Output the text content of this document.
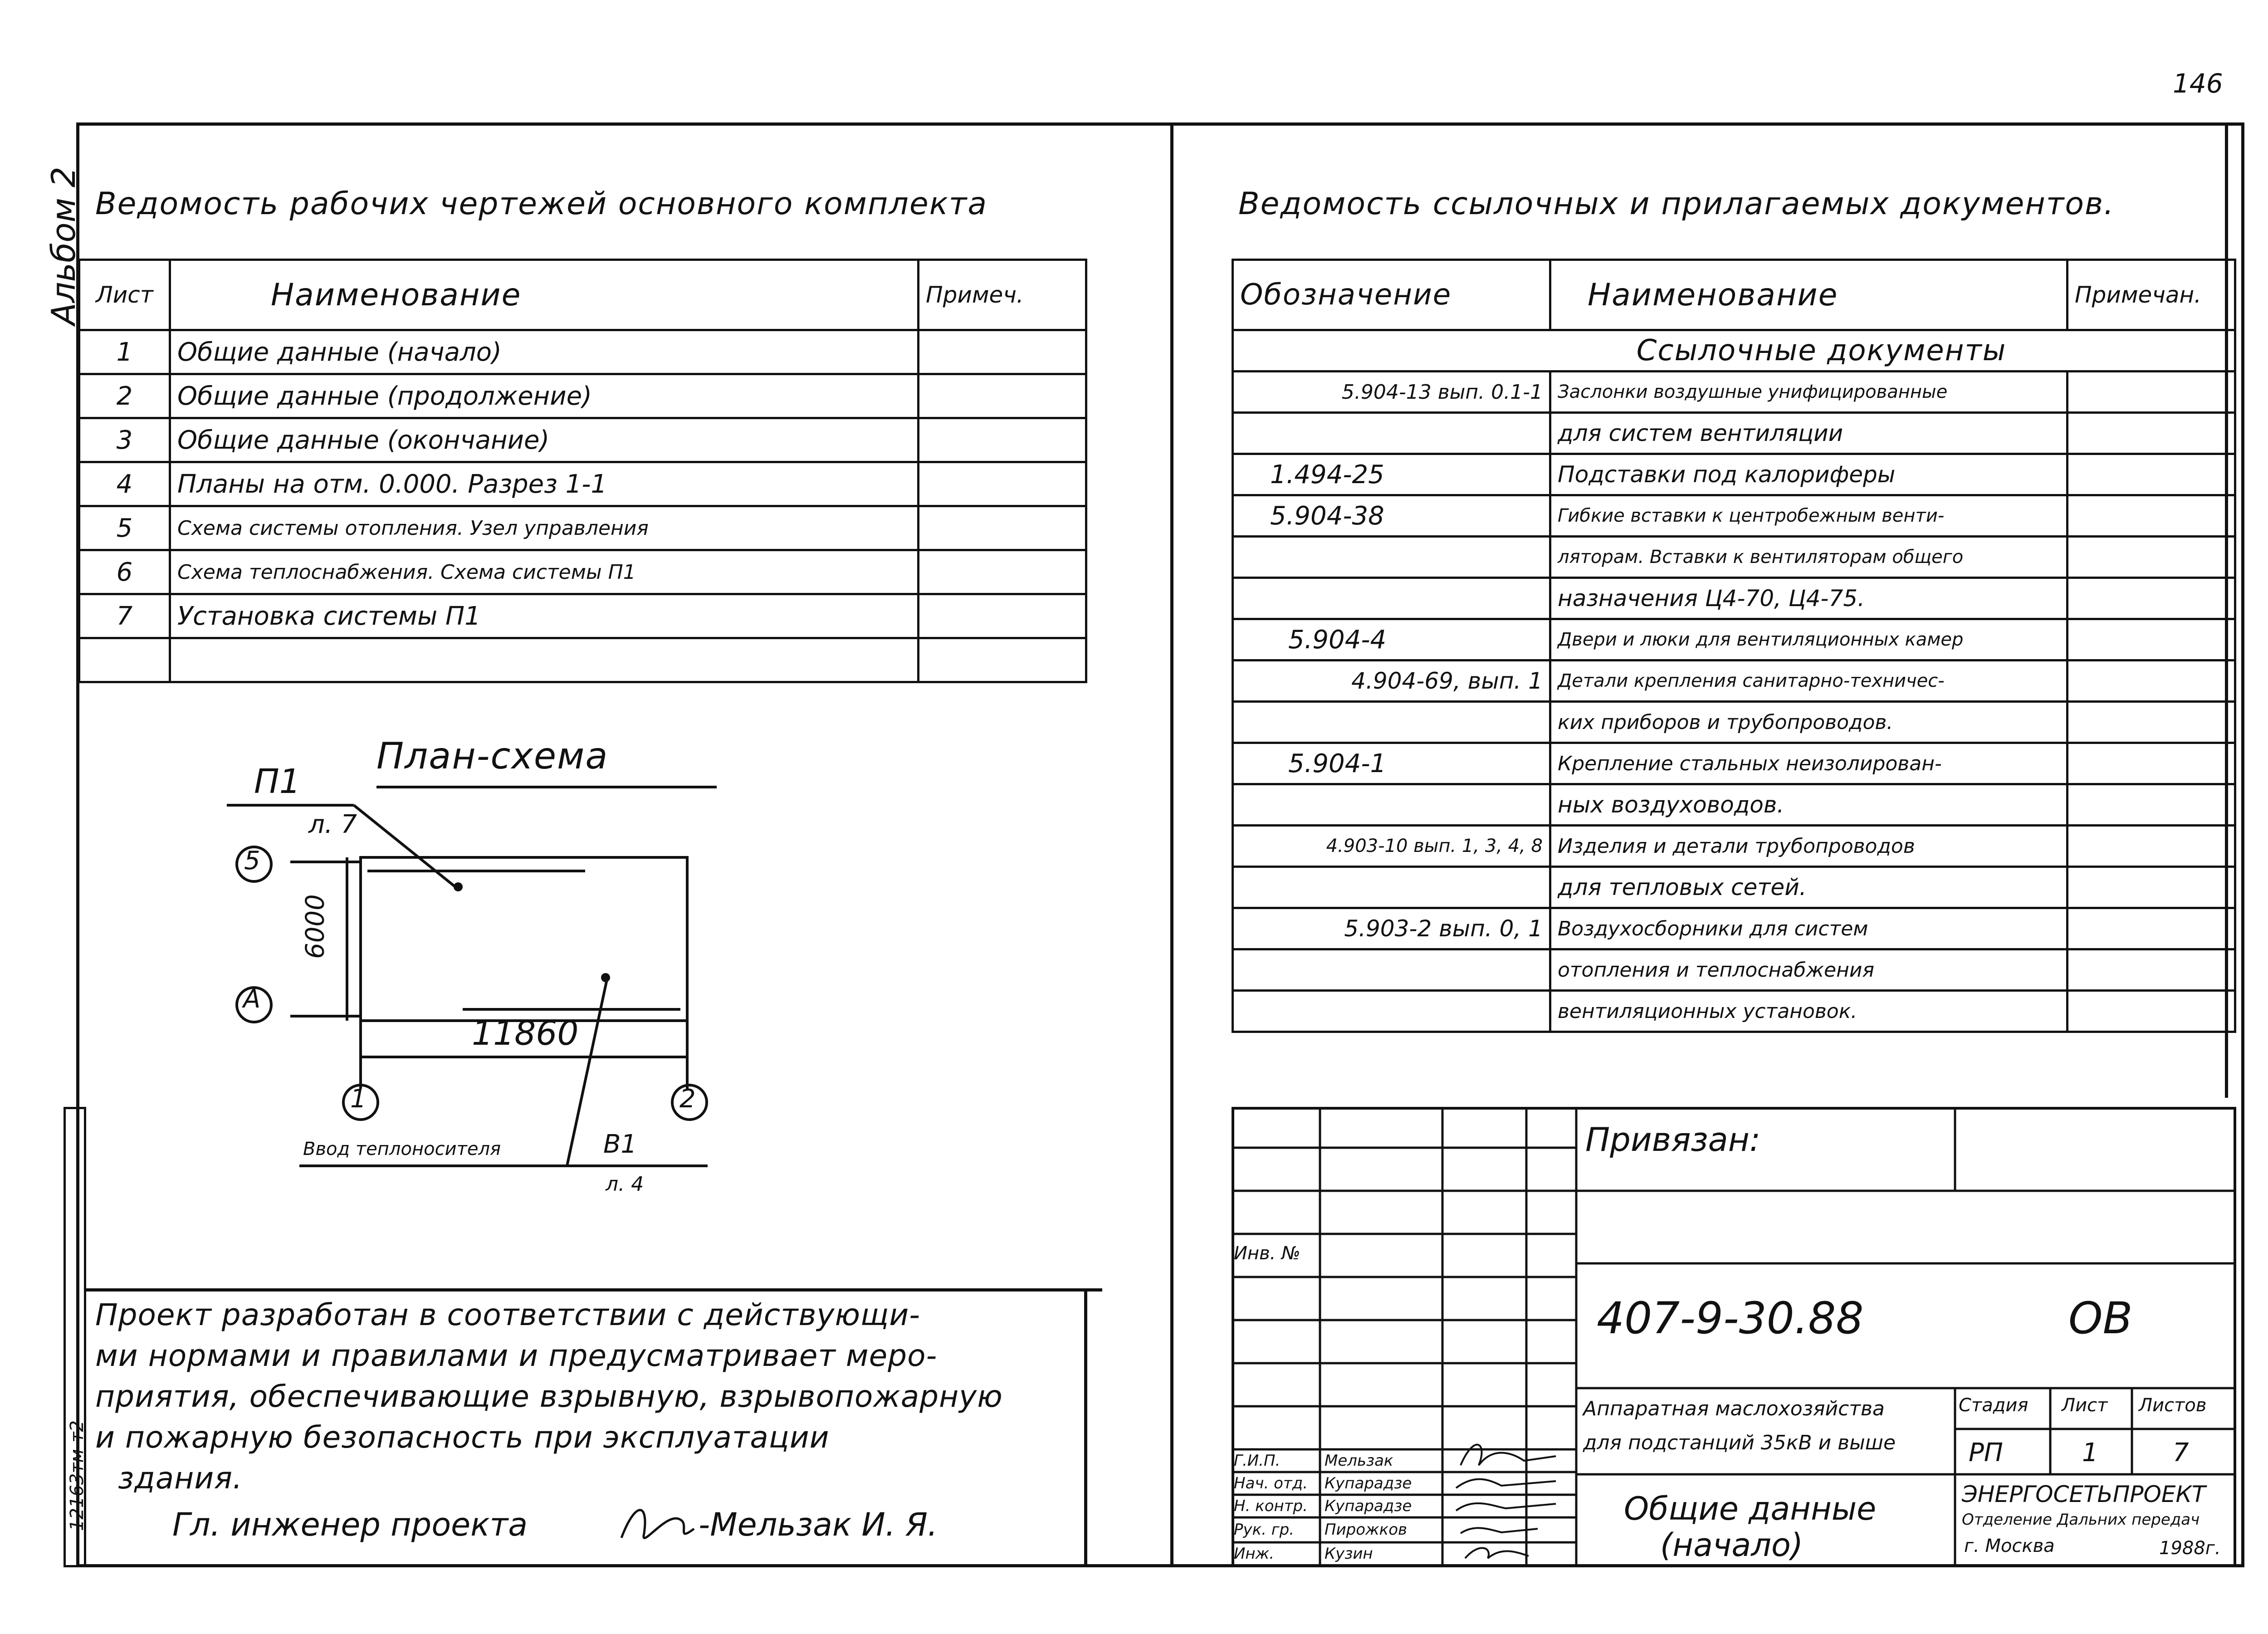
146
Альбом 2
12163тм-т2
Ведомость рабочих чертежей основного комплекта
Лист	Наименование	Примеч.
1	Общие данные (начало)	
2	Общие данные (продолжение)	
3	Общие данные (окончание)	
4	Планы на отм. 0.000. Разрез 1-1	
5	Схема системы отопления. Узел управления	
6	Схема теплоснабжения. Схема системы П1	
7	Установка системы П1	

План-схема
П1
л. 7
6000
11860
5
А
1	2
Ввод теплоносителя	В1
л. 4
Проект разработан в соответствии с действующи-
ми нормами и правилами и предусматривает меро-
приятия, обеспечивающие взрывную, взрывопожарную
и пожарную безопасность при эксплуатации
здания.
Гл. инженер проекта	-Мельзак И. Я.
Ведомость ссылочных и прилагаемых документов.
Обозначение	Наименование	Примечан.
Ссылочные документы		
5.904-13 вып. 0.1-1	Заслонки воздушные унифицированные	
	для систем вентиляции	
1.494-25	Подставки под калориферы	
5.904-38	Гибкие вставки к центробежным венти-	
	ляторам. Вставки к вентиляторам общего	
	назначения Ц4-70, Ц4-75.	
5.904-4	Двери и люки для вентиляционных камер	
4.904-69, вып. 1	Детали крепления санитарно-техничес-	
	ких приборов и трубопроводов.	
5.904-1	Крепление стальных неизолирован-	
	ных воздуховодов.	
4.903-10 вып. 1, 3, 4, 8	Изделия и детали трубопроводов	
	для тепловых сетей.	
5.903-2 вып. 0, 1	Воздухосборники для систем	
	отопления и теплоснабжения	
	вентиляционных установок.	
Инв. №
Привязан:
407-9-30.88	ОВ
Аппаратная маслохозяйства
для подстанций 35кВ и выше
Стадия Лист Листов
РП	1	7
Общие данные
(начало)
ЭНЕРГОСЕТЬПРОЕКТ
Отделение Дальних передач
г. Москва	1988г.
Г.И.П.	Мельзак
Нач. отд. Купарадзе
Н. контр. Купарадзе
Рук. гр. Пирожков
Инж.	Кузин
